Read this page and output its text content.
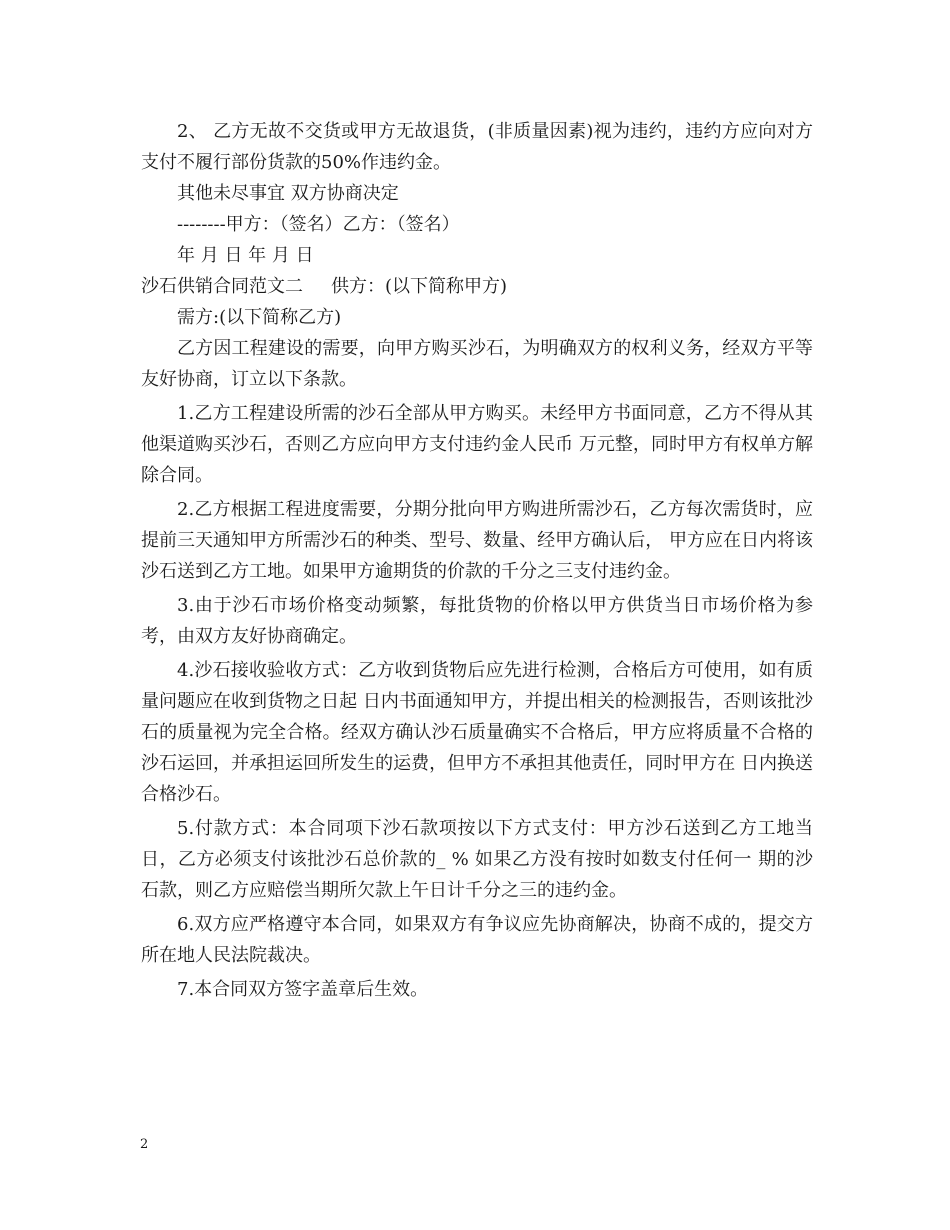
2、 乙方无故不交货或甲方无故退货，(非质量因素)视为违约，违约方应向对方支付不履行部份货款的50%作违约金。

其他未尽事宜 双方协商决定

--------甲方：（签名）乙方：（签名）

年 月 日 年 月 日

沙石供销合同范文二 供方：(以下简称甲方)

需方:(以下简称乙方)

乙方因工程建设的需要，向甲方购买沙石，为明确双方的权利义务，经双方平等友好协商，订立以下条款。

1.乙方工程建设所需的沙石全部从甲方购买。未经甲方书面同意，乙方不得从其他渠道购买沙石，否则乙方应向甲方支付违约金人民币 万元整，同时甲方有权单方解除合同。

2.乙方根据工程进度需要，分期分批向甲方购进所需沙石，乙方每次需货时，应提前三天通知甲方所需沙石的种类、型号、数量、经甲方确认后， 甲方应在日内将该沙石送到乙方工地。如果甲方逾期货的价款的千分之三支付违约金。

3.由于沙石市场价格变动频繁，每批货物的价格以甲方供货当日市场价格为参考，由双方友好协商确定。

4.沙石接收验收方式：乙方收到货物后应先进行检测，合格后方可使用，如有质量问题应在收到货物之日起 日内书面通知甲方，并提出相关的检测报告，否则该批沙石的质量视为完全合格。经双方确认沙石质量确实不合格后，甲方应将质量不合格的沙石运回，并承担运回所发生的运费，但甲方不承担其他责任，同时甲方在 日内换送合格沙石。

5.付款方式：本合同项下沙石款项按以下方式支付：甲方沙石送到乙方工地当日，乙方必须支付该批沙石总价款的_ % 如果乙方没有按时如数支付任何一 期的沙石款，则乙方应赔偿当期所欠款上午日计千分之三的违约金。

6.双方应严格遵守本合同，如果双方有争议应先协商解决，协商不成的，提交方所在地人民法院裁决。

7.本合同双方签字盖章后生效。

2
